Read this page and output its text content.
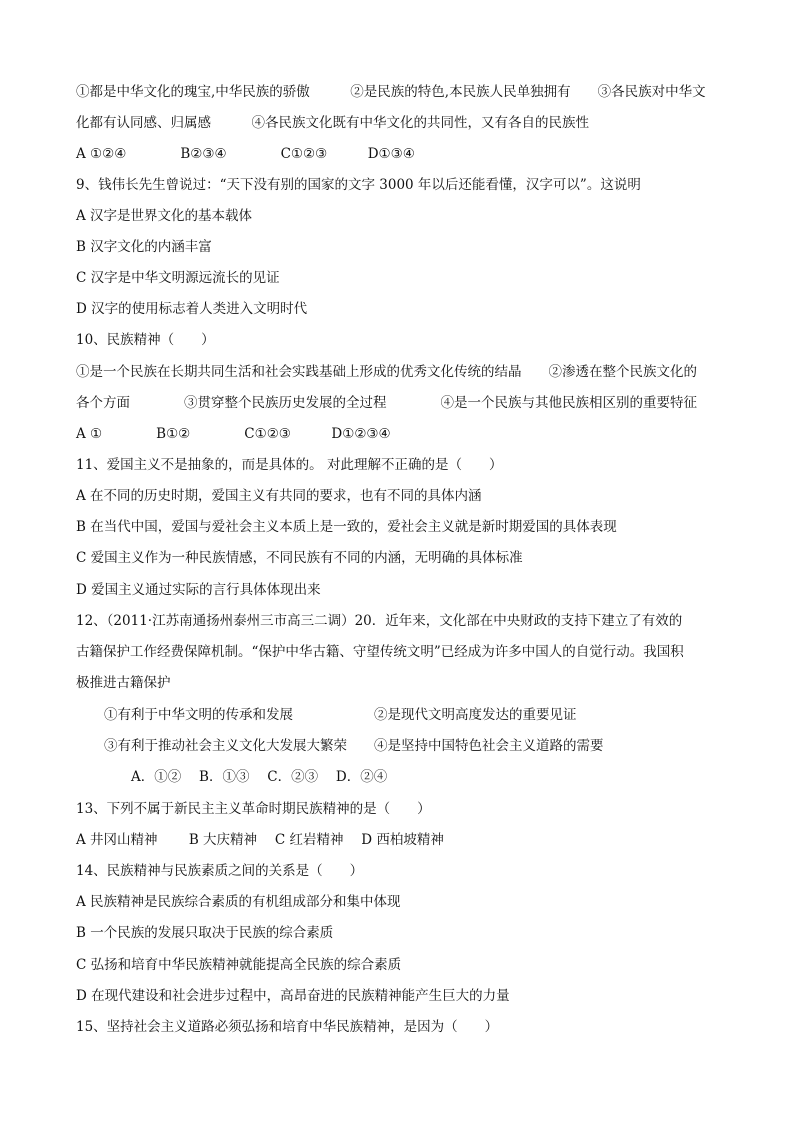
①都是中华文化的瑰宝,中华民族的骄傲　　　②是民族的特色,本民族人民单独拥有　　③各民族对中华文
化都有认同感、归属感　　　④各民族文化既有中华文化的共同性，又有各自的民族性
A ①②④　　　　B②③④　　　　C①②③　　　D①③④
9、钱伟长先生曾说过：“天下没有别的国家的文字 3000 年以后还能看懂，汉字可以”。这说明
A 汉字是世界文化的基本载体
B 汉字文化的内涵丰富
C 汉字是中华文明源远流长的见证
D 汉字的使用标志着人类进入文明时代
10、民族精神（　　）
①是一个民族在长期共同生活和社会实践基础上形成的优秀文化传统的结晶　　②渗透在整个民族文化的
各个方面　　　　③贯穿整个民族历史发展的全过程　　　　④是一个民族与其他民族相区别的重要特征
A ①　　　　B①②　　　　C①②③　　　D①②③④
11、爱国主义不是抽象的，而是具体的。 对此理解不正确的是（　　）
A 在不同的历史时期，爱国主义有共同的要求，也有不同的具体内涵
B 在当代中国，爱国与爱社会主义本质上是一致的，爱社会主义就是新时期爱国的具体表现
C 爱国主义作为一种民族情感，不同民族有不同的内涵，无明确的具体标准
D 爱国主义通过实际的言行具体体现出来
12、（2011·江苏南通扬州泰州三市高三二调）20．近年来，文化部在中央财政的支持下建立了有效的
古籍保护工作经费保障机制。“保护中华古籍、守望传统文明”已经成为许多中国人的自觉行动。我国积
极推进古籍保护
①有利于中华文明的传承和发展　　　　　　②是现代文明高度发达的重要见证
③有利于推动社会主义文化大发展大繁荣　　④是坚持中国特色社会主义道路的需要
A．①②　 B．①③　 C．②③　 D．②④
13、下列不属于新民主主义革命时期民族精神的是（　　）
A 井冈山精神　　 B 大庆精神　 C 红岩精神　 D 西柏坡精神
14、民族精神与民族素质之间的关系是（　　）
A 民族精神是民族综合素质的有机组成部分和集中体现
B 一个民族的发展只取决于民族的综合素质
C 弘扬和培育中华民族精神就能提高全民族的综合素质
D 在现代建设和社会进步过程中，高昂奋进的民族精神能产生巨大的力量
15、坚持社会主义道路必须弘扬和培育中华民族精神，是因为（　　）
